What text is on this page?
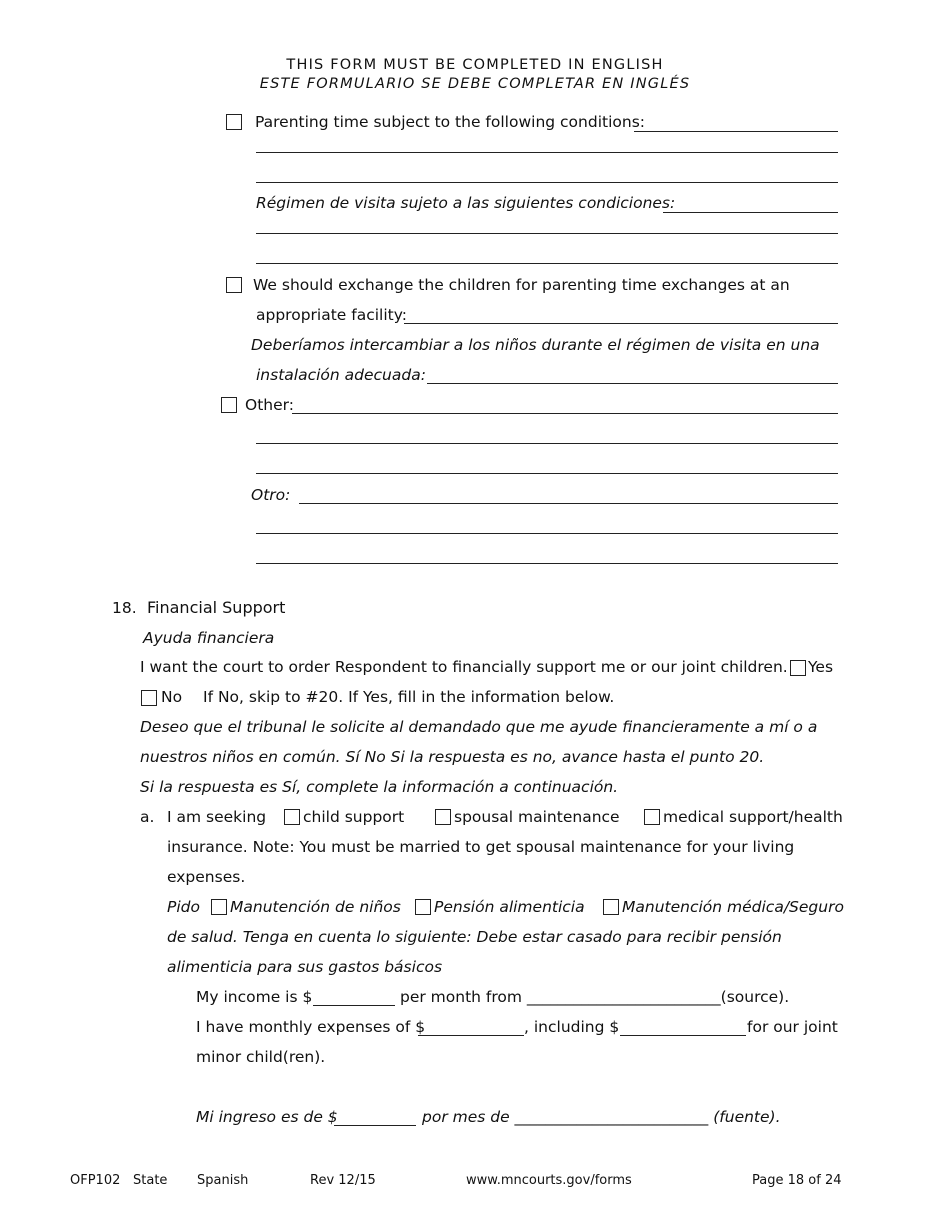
THIS FORM MUST BE COMPLETED IN ENGLISH
ESTE FORMULARIO SE DEBE COMPLETAR EN INGLÉS
Parenting time subject to the following conditions:
Régimen de visita sujeto a las siguientes condiciones:
We should exchange the children for parenting time exchanges at an
appropriate facility:
Deberíamos intercambiar a los niños durante el régimen de visita en una
instalación adecuada:
Other:
Otro:
18. Financial Support
Ayuda financiera
I want the court to order Respondent to financially support me or our joint children. Yes
No If No, skip to #20. If Yes, fill in the information below.
Deseo que el tribunal le solicite al demandado que me ayude financieramente a mí o a
nuestros niños en común. Sí No Si la respuesta es no, avance hasta el punto 20.
Si la respuesta es Sí, complete la información a continuación.
a. I am seeking child support	spousal maintenance	medical support/health
insurance. Note: You must be married to get spousal maintenance for your living
expenses.
Pido Manutención de niños Pensión alimenticia Manutención médica/Seguro
de salud. Tenga en cuenta lo siguiente: Debe estar casado para recibir pensión
alimenticia para sus gastos básicos
My income is $	per month from _________________________(source).
I have monthly expenses of $	, including $	for our joint
minor child(ren).
Mi ingreso es de $	por mes de _________________________ (fuente).
OFP102 State Spanish	Rev 12/15	www.mncourts.gov/forms	Page 18 of 24
